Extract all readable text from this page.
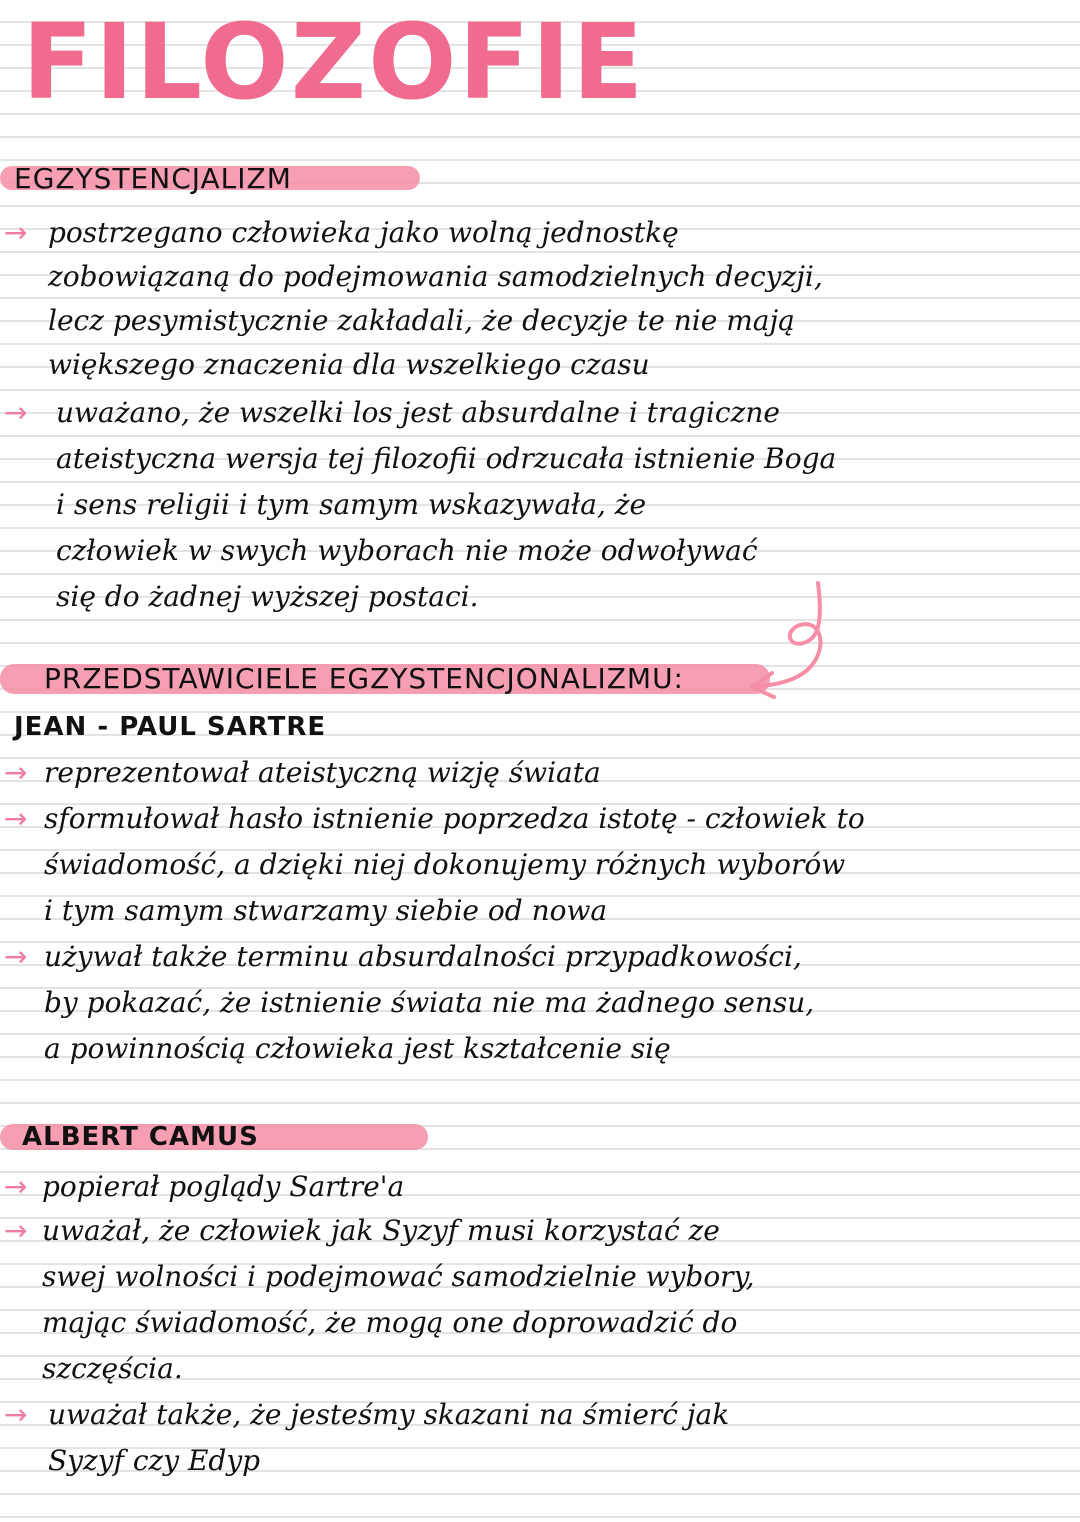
FILOZOFIE
EGZYSTENCJALIZM
→ postrzegano człowieka jako wolną jednostkę

zobowiązaną do podejmowania samodzielnych decyzji,

lecz pesymistycznie zakładali, że decyzje te nie mają

większego znaczenia dla wszelkiego czasu

→ uważano, że wszelki los jest absurdalne i tragiczne

ateistyczna wersja tej filozofii odrzucała istnienie Boga

i sens religii i tym samym wskazywała, że

człowiek w swych wyborach nie może odwoływać

się do żadnej wyższej postaci.

PRZEDSTAWICIELE EGZYSTENCJONALIZMU:
JEAN - PAUL SARTRE
→ reprezentował ateistyczną wizję świata

→ sformułował hasło istnienie poprzedza istotę - człowiek to

świadomość, a dzięki niej dokonujemy różnych wyborów

i tym samym stwarzamy siebie od nowa

→ używał także terminu absurdalności przypadkowości,

by pokazać, że istnienie świata nie ma żadnego sensu,

a powinnością człowieka jest kształcenie się

ALBERT CAMUS
→ popierał poglądy Sartre'a

→ uważał, że człowiek jak Syzyf musi korzystać ze

swej wolności i podejmować samodzielnie wybory,

mając świadomość, że mogą one doprowadzić do

szczęścia.

→ uważał także, że jesteśmy skazani na śmierć jak

Syzyf czy Edyp
